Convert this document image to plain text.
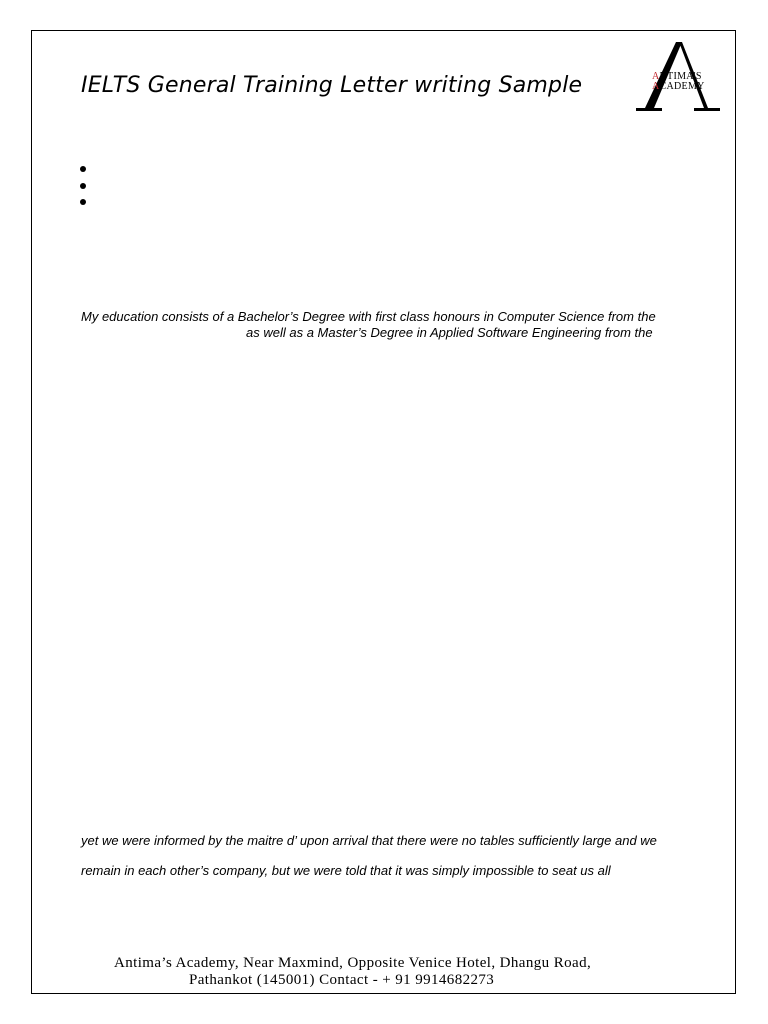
IELTS General Training Letter writing Sample	ANTIMA'S
ACADEMY
My education consists of a Bachelor’s Degree with first class honours in Computer Science from the
as well as a Master’s Degree in Applied Software Engineering from the
yet we were informed by the maitre d’ upon arrival that there were no tables sufficiently large and we
remain in each other’s company, but we were told that it was simply impossible to seat us all
Antima’s Academy, Near Maxmind, Opposite Venice Hotel, Dhangu Road,
Pathankot (145001) Contact - + 91 9914682273
